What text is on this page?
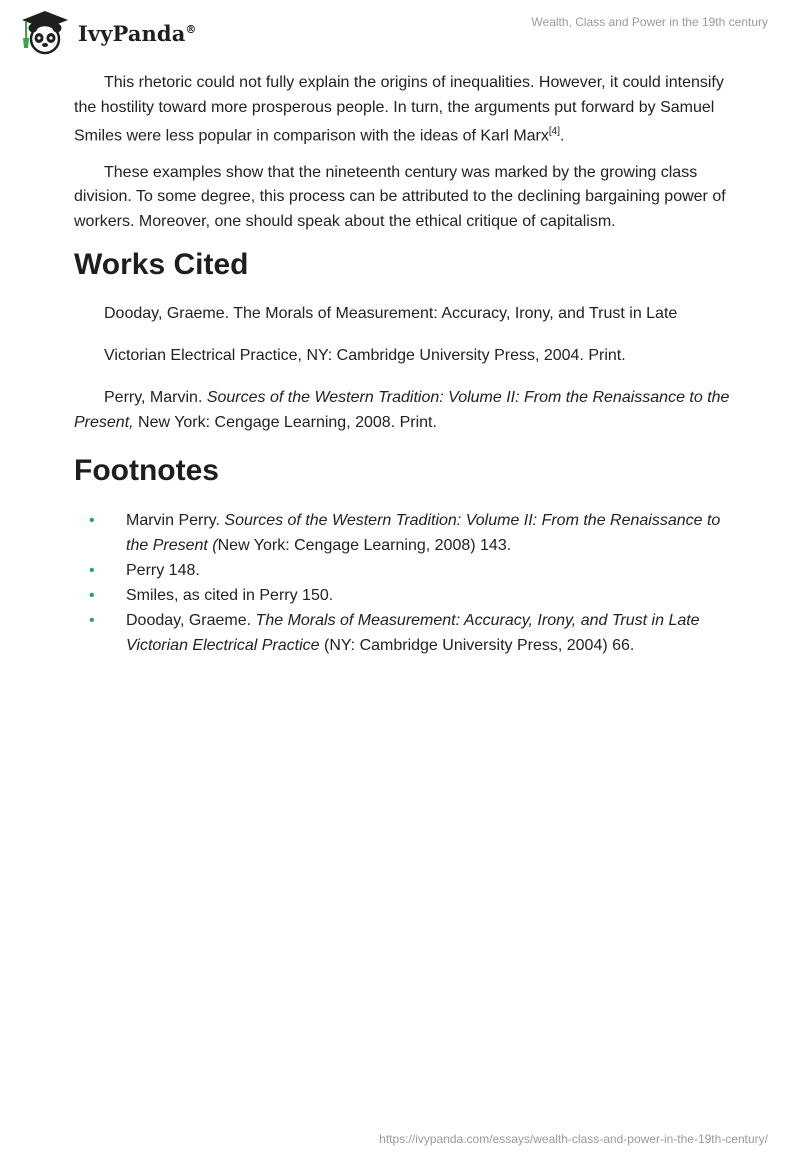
IvyPanda®	Wealth, Class and Power in the 19th century

This rhetoric could not fully explain the origins of inequalities. However, it could intensify the hostility toward more prosperous people. In turn, the arguments put forward by Samuel Smiles were less popular in comparison with the ideas of Karl Marx[4].

These examples show that the nineteenth century was marked by the growing class division. To some degree, this process can be attributed to the declining bargaining power of workers. Moreover, one should speak about the ethical critique of capitalism.

Works Cited

Dooday, Graeme. The Morals of Measurement: Accuracy, Irony, and Trust in Late

Victorian Electrical Practice, NY: Cambridge University Press, 2004. Print.

Perry, Marvin. Sources of the Western Tradition: Volume II: From the Renaissance to the Present, New York: Cengage Learning, 2008. Print.

Footnotes
• Marvin Perry. Sources of the Western Tradition: Volume II: From the Renaissance to the Present (New York: Cengage Learning, 2008) 143.
• Perry 148.
• Smiles, as cited in Perry 150.
• Dooday, Graeme. The Morals of Measurement: Accuracy, Irony, and Trust in Late Victorian Electrical Practice (NY: Cambridge University Press, 2004) 66.
https://ivypanda.com/essays/wealth-class-and-power-in-the-19th-century/
